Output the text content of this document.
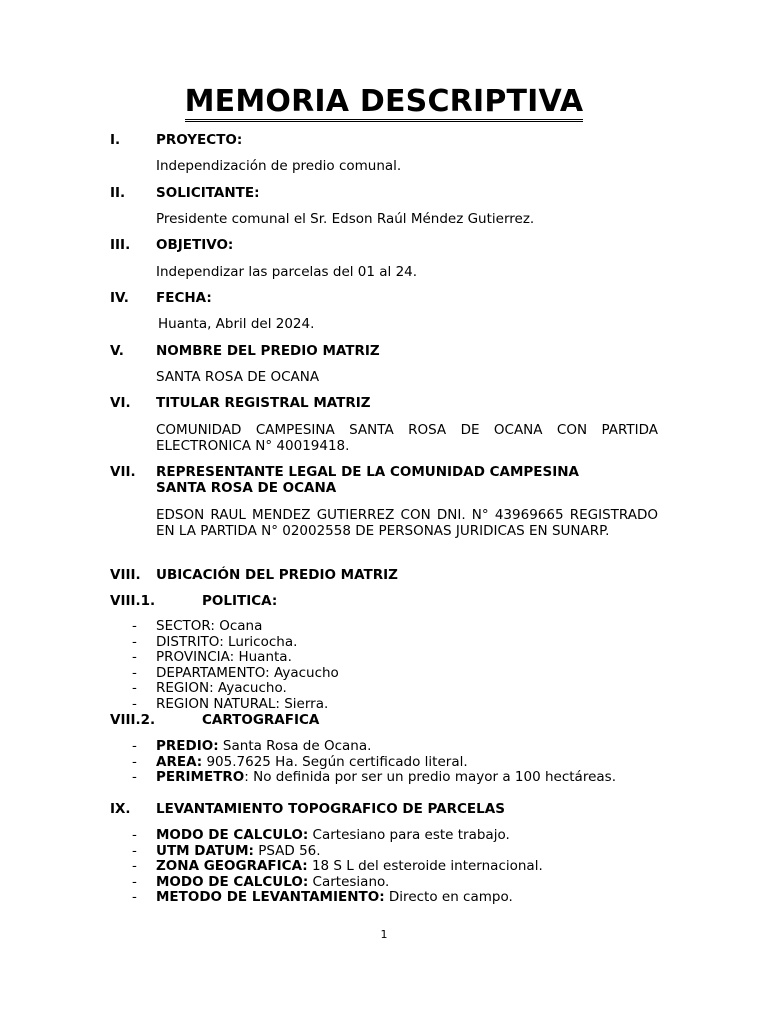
MEMORIA DESCRIPTIVA
I.	PROYECTO:
Independización de predio comunal.
II. SOLICITANTE:
Presidente comunal el Sr. Edson Raúl Méndez Gutierrez.
III. OBJETIVO:
Independizar las parcelas del 01 al 24.
IV. FECHA:
Huanta, Abril del 2024.
V. NOMBRE DEL PREDIO MATRIZ
SANTA ROSA DE OCANA
VI. TITULAR REGISTRAL MATRIZ
COMUNIDAD CAMPESINA SANTA ROSA DE OCANA CON PARTIDA ELECTRONICA N° 40019418.
VII. REPRESENTANTE LEGAL DE LA COMUNIDAD CAMPESINA SANTA ROSA DE OCANA
EDSON RAUL MENDEZ GUTIERREZ CON DNI. N° 43969665 REGISTRADO EN LA PARTIDA N° 02002558 DE PERSONAS JURIDICAS EN SUNARP.
VIII. UBICACIÓN DEL PREDIO MATRIZ
VIII.1.	POLITICA:
- SECTOR: Ocana
- DISTRITO: Luricocha.
- PROVINCIA: Huanta.
- DEPARTAMENTO: Ayacucho
- REGION: Ayacucho.
- REGION NATURAL: Sierra.
VIII.2.	CARTOGRAFICA
- PREDIO: Santa Rosa de Ocana.
- AREA: 905.7625 Ha. Según certificado literal.
- PERIMETRO: No definida por ser un predio mayor a 100 hectáreas.
IX. LEVANTAMIENTO TOPOGRAFICO DE PARCELAS
- MODO DE CALCULO: Cartesiano para este trabajo.
- UTM DATUM: PSAD 56.
- ZONA GEOGRAFICA: 18 S L del esteroide internacional.
- MODO DE CALCULO: Cartesiano.
- METODO DE LEVANTAMIENTO: Directo en campo.
1
